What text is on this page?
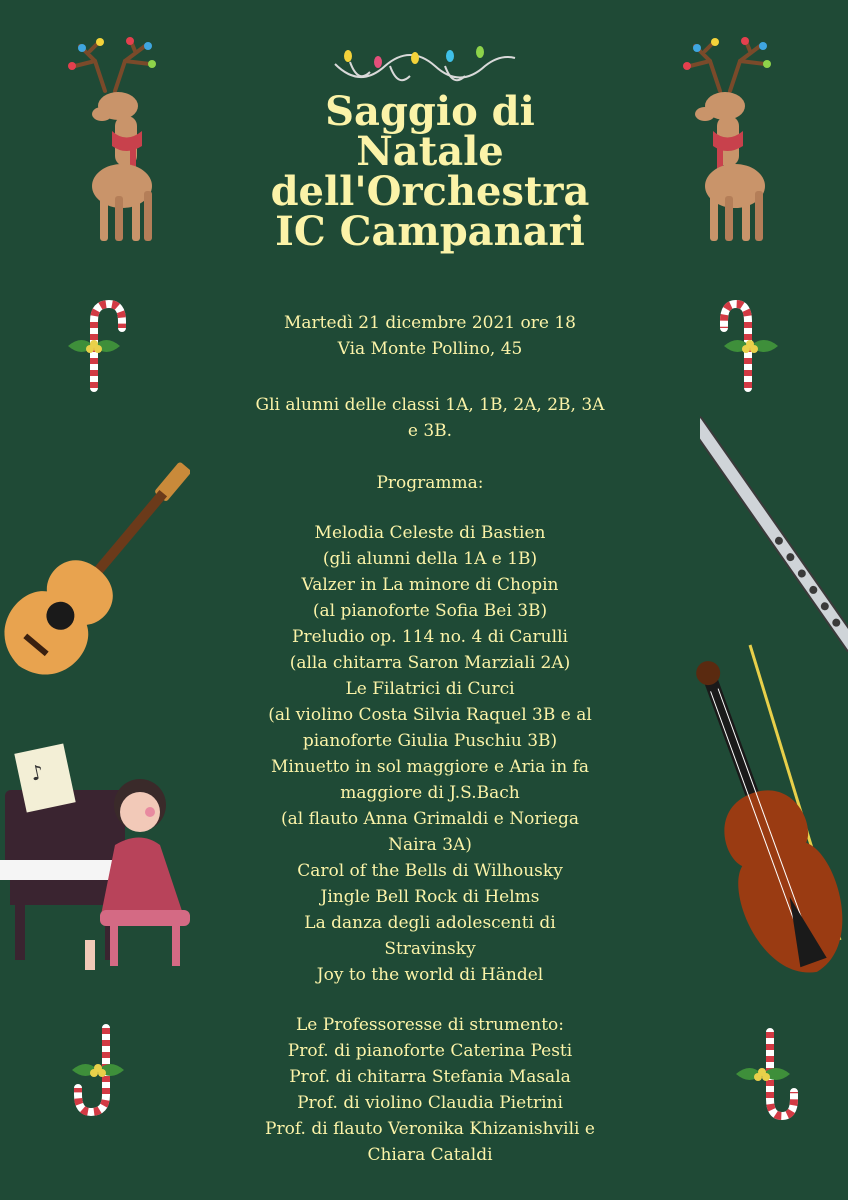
♪
Saggio di
Natale
dell'Orchestra
IC Campanari
Martedì 21 dicembre 2021 ore 18
Via Monte Pollino, 45
Gli alunni delle classi 1A, 1B, 2A, 2B, 3A
e 3B.
Programma:
Melodia Celeste di Bastien
(gli alunni della 1A e 1B)
Valzer in La minore di Chopin
(al pianoforte Sofia Bei 3B)
Preludio op. 114 no. 4 di Carulli
(alla chitarra Saron Marziali 2A)
Le Filatrici di Curci
(al violino Costa Silvia Raquel 3B e al
pianoforte Giulia Puschiu 3B)
Minuetto in sol maggiore e Aria in fa
maggiore di J.S.Bach
(al flauto Anna Grimaldi e Noriega
Naira 3A)
Carol of the Bells di Wilhousky
Jingle Bell Rock di Helms
La danza degli adolescenti di
Stravinsky
Joy to the world di Händel
Le Professoresse di strumento:
Prof. di pianoforte Caterina Pesti
Prof. di chitarra Stefania Masala
Prof. di violino Claudia Pietrini
Prof. di flauto Veronika Khizanishvili e
Chiara Cataldi
